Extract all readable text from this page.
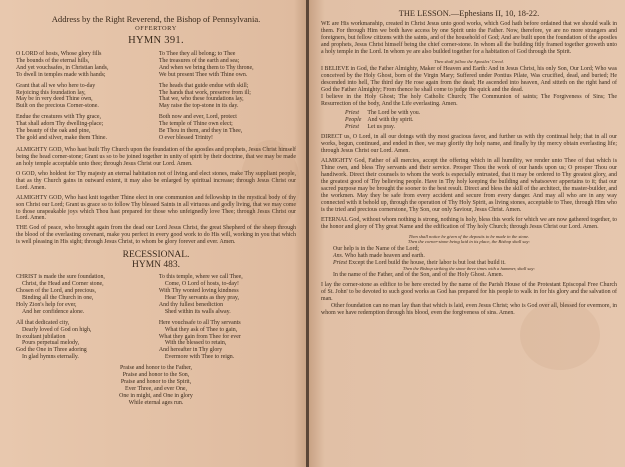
Address by the Right Reverend, the Bishop of Pennsylvania.

OFFERTORY

HYMN 391.

O LORD of hosts, Whose glory fills
The bounds of the eternal hills,
And yet vouchsafes, in Christian lands,
To dwell in temples made with hands;
Grant that all we who here to-day
Rejoicing this foundation lay,
May be in very deed Thine own,
Built on the precious Corner-stone.
Endue the creatures with Thy grace,
That shall adorn Thy dwelling-place;
The beauty of the oak and pine,
The gold and silver, make them Thine.
To Thee they all belong; to Thee
The treasures of the earth and sea;
And when we bring them to Thy throne,
We but present Thee with Thine own.
The heads that guide endue with skill;
The hands that work, preserve from ill;
That we, who these foundations lay,
May raise the top-stone in its day.
Both now and ever, Lord, protect
The temple of Thine own elect;
Be Thou in them, and they in Thee,
O ever blessed Trinity!

ALMIGHTY GOD, Who hast built Thy Church upon the foundation of the apostles and prophets, Jesus Christ himself being the head corner-stone; Grant us so to be joined together in unity of spirit by their doctrine, that we may be made an holy temple acceptable unto thee; through Jesus Christ our Lord. Amen.

O GOD, who holdest for Thy majesty an eternal habitation not of living and elect stones, make Thy suppliant people, that as thy Church gains in outward extent, it may also be enlarged by spiritual increase; through Jesus Christ our Lord. Amen.

ALMIGHTY GOD, Who hast knit together Thine elect in one communion and fellowship in the mystical body of thy son Christ our Lord; Grant us grace so to follow Thy blessed Saints in all virtuous and godly living, that we may come to those unspeakable joys which Thou hast prepared for those who unfeignedly love Thee; through Jesus Christ our Lord. Amen.

THE God of peace, who brought again from the dead our Lord Jesus Christ, the great Shepherd of the sheep through the blood of the everlasting covenant, make you perfect in every good work to do His will, working in you that which is well pleasing in His sight; through Jesus Christ, to whom be glory forever and ever. Amen.

RECESSIONAL.

HYMN 483.

CHRIST is made the sure foundation,
Christ, the Head and Corner stone,
Chosen of the Lord, and precious,
Binding all the Church in one,
Holy Zion's help for ever,
And her confidence alone.
All that dedicated city,
Dearly loved of God on high,
In exultant jubilation
Pours perpetual melody,
God the One in Three adoring
In glad hymns eternally.
To this temple, where we call Thee,
Come, O Lord of hosts, to-day!
With Thy wonted loving kindness
Hear Thy servants as they pray,
And thy fullest benediction
Shed within its walls alway.
Here vouchsafe to all Thy servants
What they ask of Thee to gain,
What they gain from Thee for ever
With the blessed to retain,
And hereafter in Thy glory
Evermore with Thee to reign.
Praise and honor to the Father,
Praise and honor to the Son,
Praise and honor to the Spirit,
Ever Three, and ever One,
One in might, and One in glory
While eternal ages run.

THE LESSON.—Ephesians II, 10, 18-22.

WE are His workmanship, created in Christ Jesus unto good works, which God hath before ordained that we should walk in them. For through Him we both have access by one Spirit unto the Father. Now, therefore, ye are no more strangers and foreigners, but fellow citizens with the saints, and of the household of God; And are built upon the foundation of the apostles and prophets, Jesus Christ himself being the chief corner-stone. In whom all the building fitly framed together groweth unto a holy temple in the Lord. In whom ye are also builded together for a habitation of God through the Spirit.

Then shall follow the Apostles' Creed.

I BELIEVE in God, the Father Almighty, Maker of Heaven and Earth: And in Jesus Christ, his only Son, Our Lord; Who was conceived by the Holy Ghost, born of the Virgin Mary; Suffered under Pontius Pilate, Was crucified, dead, and buried; He descended into hell, The third day He rose again from the dead; He ascended into heaven, And sitteth on the right hand of God the Father Almighty; From thence he shall come to judge the quick and the dead.

I believe in the Holy Ghost; The holy Catholic Church; The Communion of saints; The Forgiveness of Sins; The Resurrection of the body, And the Life everlasting. Amen.

Priest	The Lord be with you.
People	And with thy spirit.
Priest	Let us pray.

DIRECT us, O Lord, in all our doings with thy most gracious favor, and further us with thy continual help; that in all our works, begun, continued, and ended in thee, we may glorify thy holy name, and finally by thy mercy obtain everlasting life; through Jesus Christ our Lord. Amen.

ALMIGHTY God, Father of all mercies, accept the offering which in all humility, we render unto Thee of that which is Thine own, and bless Thy servants and their service. Prosper Thou the work of our hands upon us; O prosper Thou our handiwork. Direct their counsels to whom the work is especially entrusted, that it may be ordered to Thy greatest glory, and the greatest good of Thy believing people. Have in Thy holy keeping the building and whatsoever appertains to it; that our sacred purpose may be brought the sooner to the best result. Direct and bless the skill of the architect, the master-builder, and the workmen. May they be safe from every accident and secure from every danger. And may all who are in any way connected with it behold up, through the operation of Thy Holy Spirit, as living stones, acceptable to Thee, through Him who is the tried and precious cornerstone, Thy Son, our only Saviour, Jesus Christ. Amen.

ETERNAL God, without whom nothing is strong, nothing is holy, bless this work for which we are now gathered together, to the honor and glory of Thy great Name and the edification of Thy holy Church; through Jesus Christ our Lord. Amen.

Then shall notice be given of the deposits to be made in the stone.

Then the corner-stone being laid in its place, the Bishop shall say:

Our help is in the Name of the Lord;

Ans. Who hath made heaven and earth.

Priest Except the Lord build the house, their labor is but lost that build it.

Then the Bishop striking the stone three times with a hammer, shall say:

In the name of the Father, and of the Son, and of the Holy Ghost. Amen.

I lay the corner-stone as edifice to be here erected by the name of the Parish House of the Protestant Episcopal Free Church of St. John' to be devoted to such good works as God has prepared for his people to walk in for his glory and the salvation of man.

Other foundation can no man lay than that which is laid, even Jesus Christ; who is God over all, blessed for evermore, in whom we have redemption through his blood, even the forgiveness of sins. Amen.
